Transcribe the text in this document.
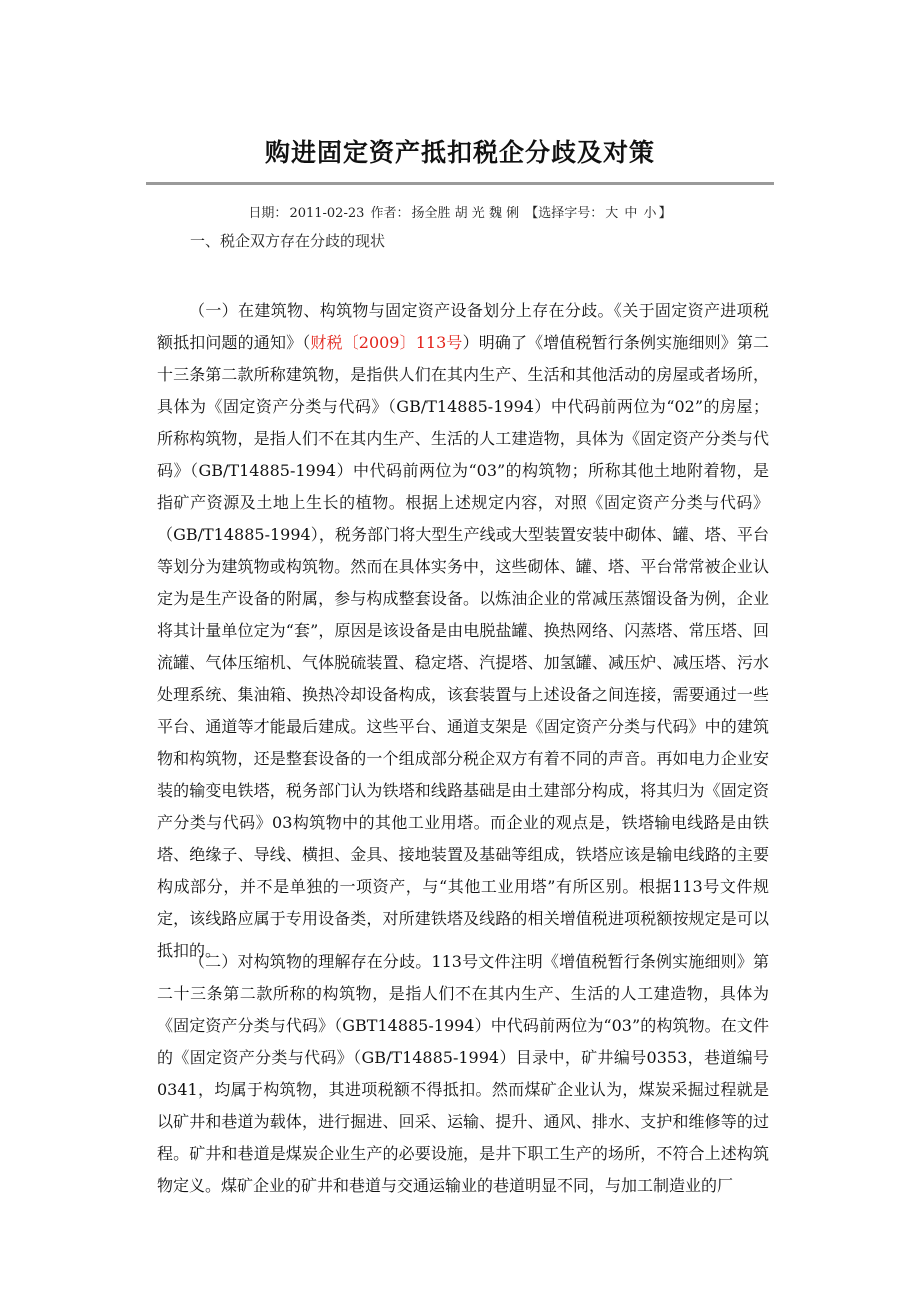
购进固定资产抵扣税企分歧及对策
日期： 2011-02-23 作者： 扬全胜 胡 光 魏 俐 【选择字号： 大 中 小 】
一、税企双方存在分歧的现状

（一）在建筑物、构筑物与固定资产设备划分上存在分歧。《关于固定资产进项税额抵扣问题的通知》（财税〔2009〕113号）明确了《增值税暂行条例实施细则》第二十三条第二款所称建筑物，是指供人们在其内生产、生活和其他活动的房屋或者场所，具体为《固定资产分类与代码》（GB/T14885-1994）中代码前两位为“02”的房屋；所称构筑物，是指人们不在其内生产、生活的人工建造物，具体为《固定资产分类与代码》（GB/T14885-1994）中代码前两位为“03”的构筑物；所称其他土地附着物，是指矿产资源及土地上生长的植物。根据上述规定内容，对照《固定资产分类与代码》（GB/T14885-1994），税务部门将大型生产线或大型装置安装中砌体、罐、塔、平台等划分为建筑物或构筑物。然而在具体实务中，这些砌体、罐、塔、平台常常被企业认定为是生产设备的附属，参与构成整套设备。以炼油企业的常减压蒸馏设备为例，企业将其计量单位定为“套”，原因是该设备是由电脱盐罐、换热网络、闪蒸塔、常压塔、回流罐、气体压缩机、气体脱硫装置、稳定塔、汽提塔、加氢罐、减压炉、减压塔、污水处理系统、集油箱、换热冷却设备构成，该套装置与上述设备之间连接，需要通过一些平台、通道等才能最后建成。这些平台、通道支架是《固定资产分类与代码》中的建筑物和构筑物，还是整套设备的一个组成部分税企双方有着不同的声音。再如电力企业安装的输变电铁塔，税务部门认为铁塔和线路基础是由土建部分构成，将其归为《固定资产分类与代码》03构筑物中的其他工业用塔。而企业的观点是，铁塔输电线路是由铁塔、绝缘子、导线、横担、金具、接地装置及基础等组成，铁塔应该是输电线路的主要构成部分，并不是单独的一项资产，与“其他工业用塔”有所区别。根据113号文件规定，该线路应属于专用设备类，对所建铁塔及线路的相关增值税进项税额按规定是可以抵扣的。

（二）对构筑物的理解存在分歧。113号文件注明《增值税暂行条例实施细则》第二十三条第二款所称的构筑物，是指人们不在其内生产、生活的人工建造物，具体为《固定资产分类与代码》（GBT14885-1994）中代码前两位为“03”的构筑物。在文件的《固定资产分类与代码》（GB/T14885-1994）目录中，矿井编号0353，巷道编号0341，均属于构筑物，其进项税额不得抵扣。然而煤矿企业认为，煤炭采掘过程就是以矿井和巷道为载体，进行掘进、回采、运输、提升、通风、排水、支护和维修等的过程。矿井和巷道是煤炭企业生产的必要设施，是井下职工生产的场所，不符合上述构筑物定义。煤矿企业的矿井和巷道与交通运输业的巷道明显不同，与加工制造业的厂
